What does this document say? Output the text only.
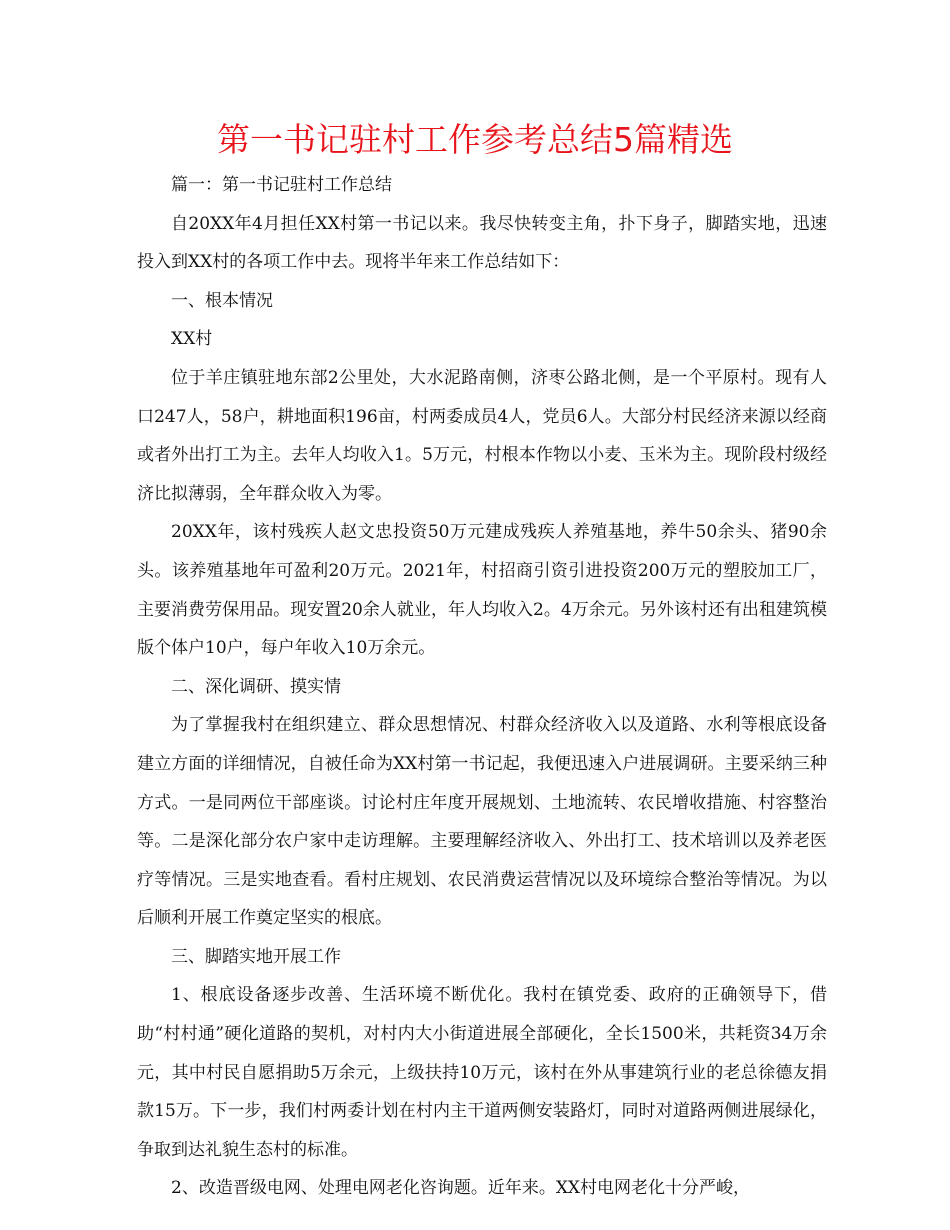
第一书记驻村工作参考总结5篇精选

篇一：第一书记驻村工作总结

自20XX年4月担任XX村第一书记以来。我尽快转变主角，扑下身子，脚踏实地，迅速投入到XX村的各项工作中去。现将半年来工作总结如下：

一、根本情况

XX村

位于羊庄镇驻地东部2公里处，大水泥路南侧，济枣公路北侧，是一个平原村。现有人口247人，58户，耕地面积196亩，村两委成员4人，党员6人。大部分村民经济来源以经商或者外出打工为主。去年人均收入1。5万元，村根本作物以小麦、玉米为主。现阶段村级经济比拟薄弱，全年群众收入为零。

20XX年，该村残疾人赵文忠投资50万元建成残疾人养殖基地，养牛50余头、猪90余头。该养殖基地年可盈利20万元。2021年，村招商引资引进投资200万元的塑胶加工厂，主要消费劳保用品。现安置20余人就业，年人均收入2。4万余元。另外该村还有出租建筑模版个体户10户，每户年收入10万余元。

二、深化调研、摸实情

为了掌握我村在组织建立、群众思想情况、村群众经济收入以及道路、水利等根底设备建立方面的详细情况，自被任命为XX村第一书记起，我便迅速入户进展调研。主要采纳三种方式。一是同两位干部座谈。讨论村庄年度开展规划、土地流转、农民增收措施、村容整治等。二是深化部分农户家中走访理解。主要理解经济收入、外出打工、技术培训以及养老医疗等情况。三是实地查看。看村庄规划、农民消费运营情况以及环境综合整治等情况。为以后顺利开展工作奠定坚实的根底。

三、脚踏实地开展工作

1、根底设备逐步改善、生活环境不断优化。我村在镇党委、政府的正确领导下，借助“村村通”硬化道路的契机，对村内大小街道进展全部硬化，全长1500米，共耗资34万余元，其中村民自愿捐助5万余元，上级扶持10万元，该村在外从事建筑行业的老总徐德友捐款15万。下一步，我们村两委计划在村内主干道两侧安装路灯，同时对道路两侧进展绿化，争取到达礼貌生态村的标准。

2、改造晋级电网、处理电网老化咨询题。近年来。XX村电网老化十分严峻，
